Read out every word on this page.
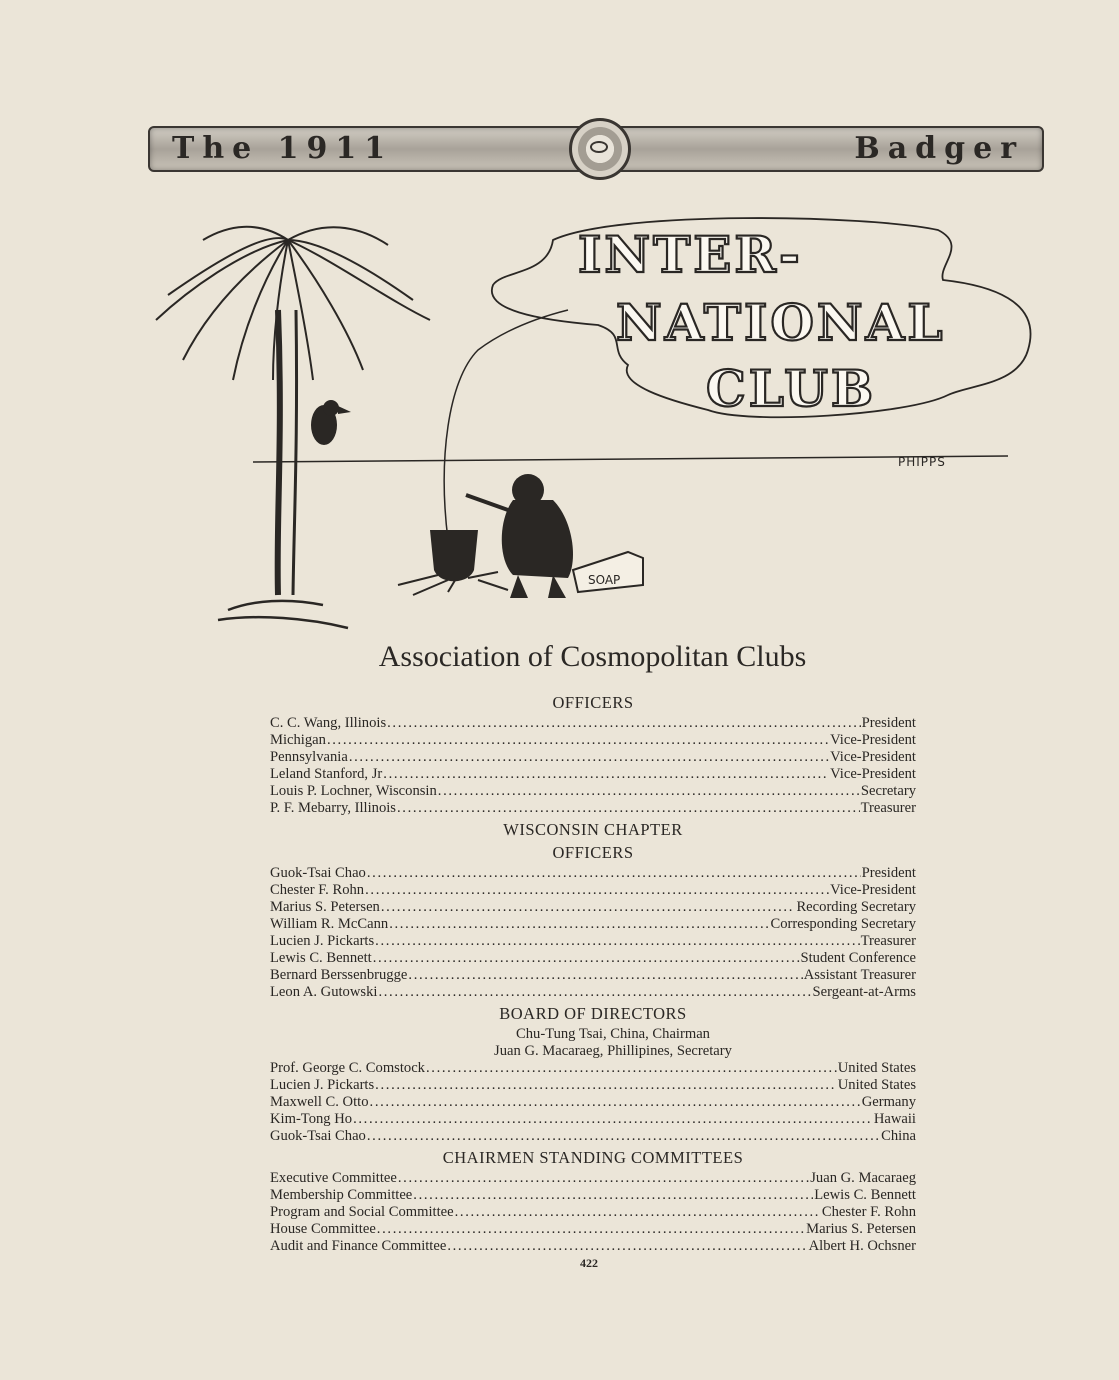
The 1911	Badger
INTER-
NATIONAL
CLUB
PHIPPS
SOAP
Association of Cosmopolitan Clubs
OFFICERS
C. C. Wang, Illinois . . .	President
Michigan . . .	Vice-President
Pennsylvania . . .	Vice-President
Leland Stanford, Jr . . .	Vice-President
Louis P. Lochner, Wisconsin . . .	Secretary
P. F. Mebarry, Illinois . . .	Treasurer
WISCONSIN CHAPTER
OFFICERS
Guok-Tsai Chao . . .	President
Chester F. Rohn . . .	Vice-President
Marius S. Petersen . . .	Recording Secretary
William R. McCann . . .	Corresponding Secretary
Lucien J. Pickarts . . .	Treasurer
Lewis C. Bennett . . .	Student Conference
Bernard Berssenbrugge . . .	Assistant Treasurer
Leon A. Gutowski . . .	Sergeant-at-Arms
BOARD OF DIRECTORS
Chu-Tung Tsai, China, Chairman
Juan G. Macaraeg, Phillipines, Secretary
Prof. George C. Comstock . . .	United States
Lucien J. Pickarts . . .	United States
Maxwell C. Otto . . .	Germany
Kim-Tong Ho . . .	Hawaii
Guok-Tsai Chao . . .	China
CHAIRMEN STANDING COMMITTEES
Executive Committee . . .	Juan G. Macaraeg
Membership Committee . . .	Lewis C. Bennett
Program and Social Committee . . .	Chester F. Rohn
House Committee . . .	Marius S. Petersen
Audit and Finance Committee . . .	Albert H. Ochsner
422
